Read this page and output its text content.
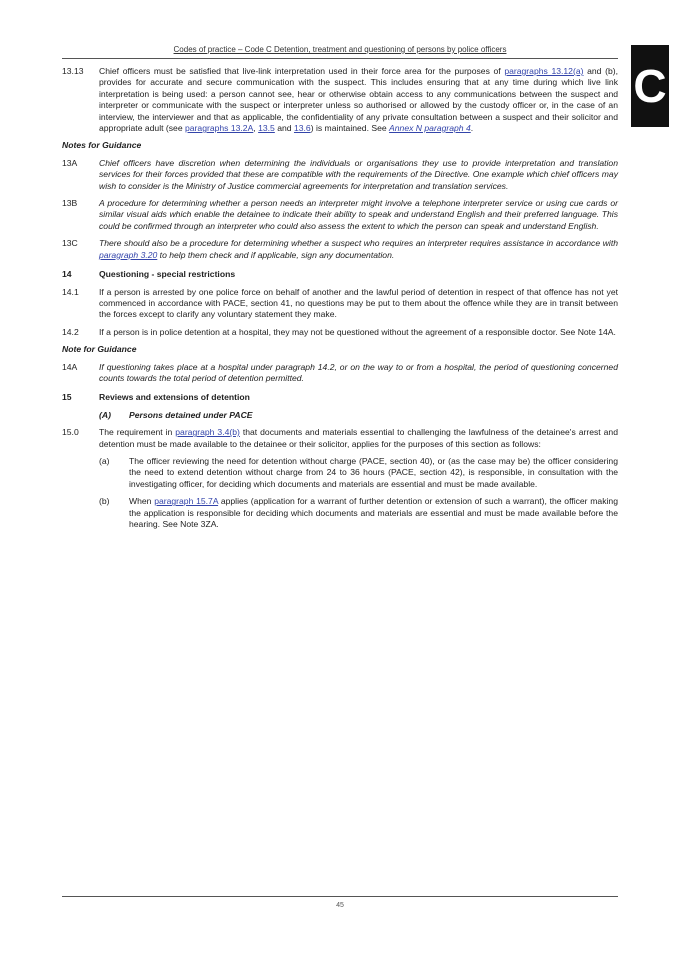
Codes of practice – Code C Detention, treatment and questioning of persons by police officers
C
13.13	Chief officers must be satisfied that live-link interpretation used in their force area for the purposes of paragraphs 13.12(a) and (b), provides for accurate and secure communication with the suspect. This includes ensuring that at any time during which live link interpretation is being used: a person cannot see, hear or otherwise obtain access to any communications between the suspect and interpreter or communicate with the suspect or interpreter unless so authorised or allowed by the custody officer or, in the case of an interview, the interviewer and that as applicable, the confidentiality of any private consultation between a suspect and their solicitor and appropriate adult (see paragraphs 13.2A, 13.5 and 13.6) is maintained. See Annex N paragraph 4.
Notes for Guidance
13A	Chief officers have discretion when determining the individuals or organisations they use to provide interpretation and translation services for their forces provided that these are compatible with the requirements of the Directive. One example which chief officers may wish to consider is the Ministry of Justice commercial agreements for interpretation and translation services.
13B	A procedure for determining whether a person needs an interpreter might involve a telephone interpreter service or using cue cards or similar visual aids which enable the detainee to indicate their ability to speak and understand English and their preferred language. This could be confirmed through an interpreter who could also assess the extent to which the person can speak and understand English.
13C	There should also be a procedure for determining whether a suspect who requires an interpreter requires assistance in accordance with paragraph 3.20 to help them check and if applicable, sign any documentation.
14	Questioning - special restrictions
14.1	If a person is arrested by one police force on behalf of another and the lawful period of detention in respect of that offence has not yet commenced in accordance with PACE, section 41, no questions may be put to them about the offence while they are in transit between the forces except to clarify any voluntary statement they make.
14.2	If a person is in police detention at a hospital, they may not be questioned without the agreement of a responsible doctor. See Note 14A.
Note for Guidance
14A	If questioning takes place at a hospital under paragraph 14.2, or on the way to or from a hospital, the period of questioning concerned counts towards the total period of detention permitted.
15	Reviews and extensions of detention
(A)	Persons detained under PACE
15.0	The requirement in paragraph 3.4(b) that documents and materials essential to challenging the lawfulness of the detainee's arrest and detention must be made available to the detainee or their solicitor, applies for the purposes of this section as follows:
(a)	The officer reviewing the need for detention without charge (PACE, section 40), or (as the case may be) the officer considering the need to extend detention without charge from 24 to 36 hours (PACE, section 42), is responsible, in consultation with the investigating officer, for deciding which documents and materials are essential and must be made available.
(b)	When paragraph 15.7A applies (application for a warrant of further detention or extension of such a warrant), the officer making the application is responsible for deciding which documents and materials are essential and must be made available before the hearing. See Note 3ZA.
45
